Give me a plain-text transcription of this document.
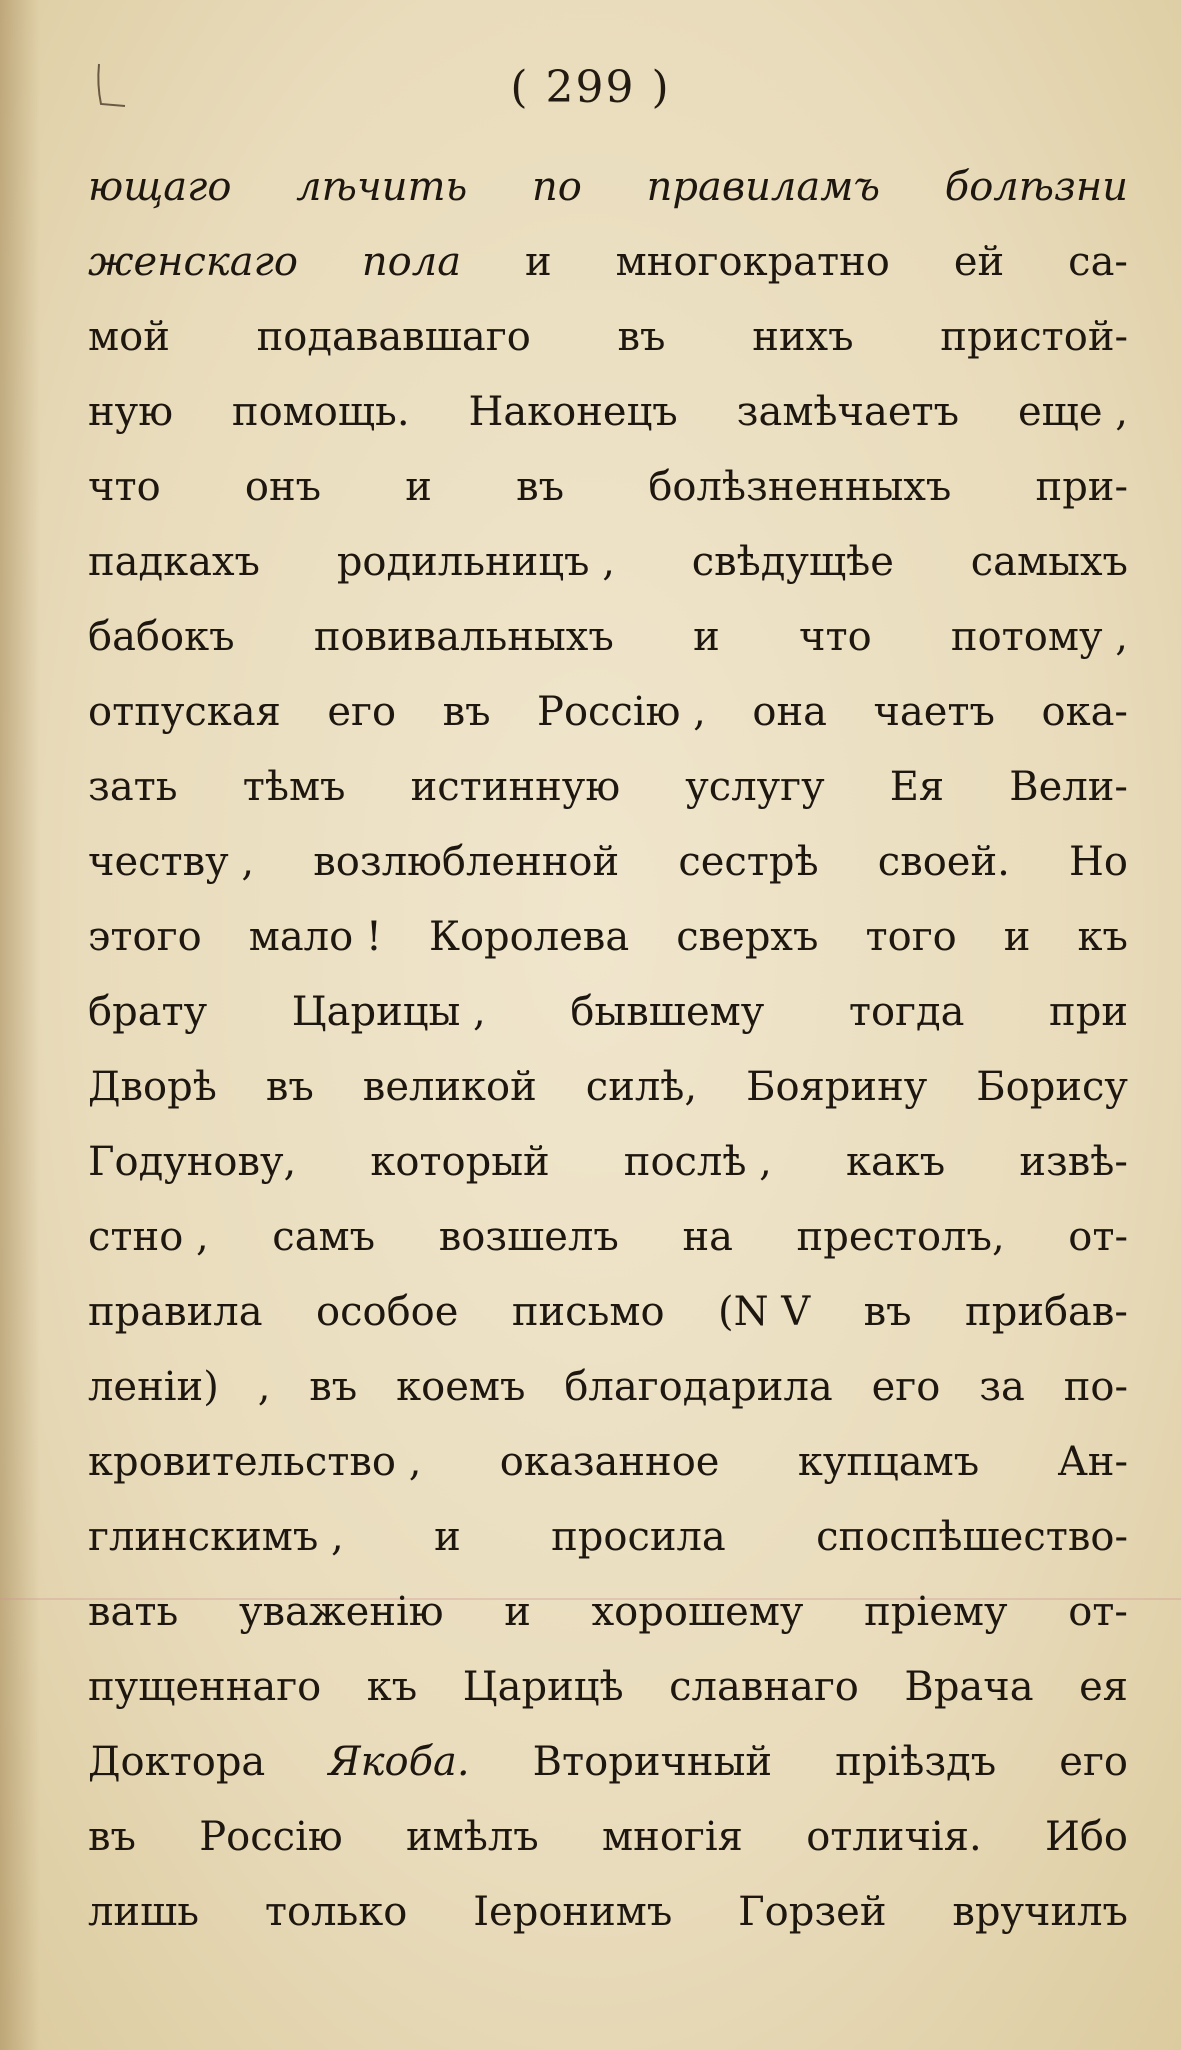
( 299 )
ющаго лѣчить по правиламъ болѣзни
женскаго пола и многократно ей са-
мой подававшаго въ нихъ пристой-
ную помощь. Наконецъ замѣчаетъ еще ,
что онъ и въ болѣзненныхъ при-
падкахъ родильницъ , свѣдущѣе самыхъ
бабокъ повивальныхъ и что потому ,
отпуская его въ Россію , она чаетъ ока-
зать тѣмъ истинную услугу Ея Вели-
честву , возлюбленной сестрѣ своей. Но
этого мало ! Королева сверхъ того и къ
брату Царицы , бывшему тогда при
Дворѣ въ великой силѣ, Боярину Борису
Годунову, который послѣ , какъ извѣ-
стно , самъ возшелъ на престолъ, от-
правила особое письмо (N V въ прибав-
леніи) , въ коемъ благодарила его за по-
кровительство , оказанное купцамъ Ан-
глинскимъ , и просила споспѣшество-
вать уваженію и хорошему пріему от-
пущеннаго къ Царицѣ славнаго Врача ея
Доктора Якоба. Вторичный пріѣздъ его
въ Россію имѣлъ многія отличія. Ибо
лишь только Іеронимъ Горзей вручилъ
